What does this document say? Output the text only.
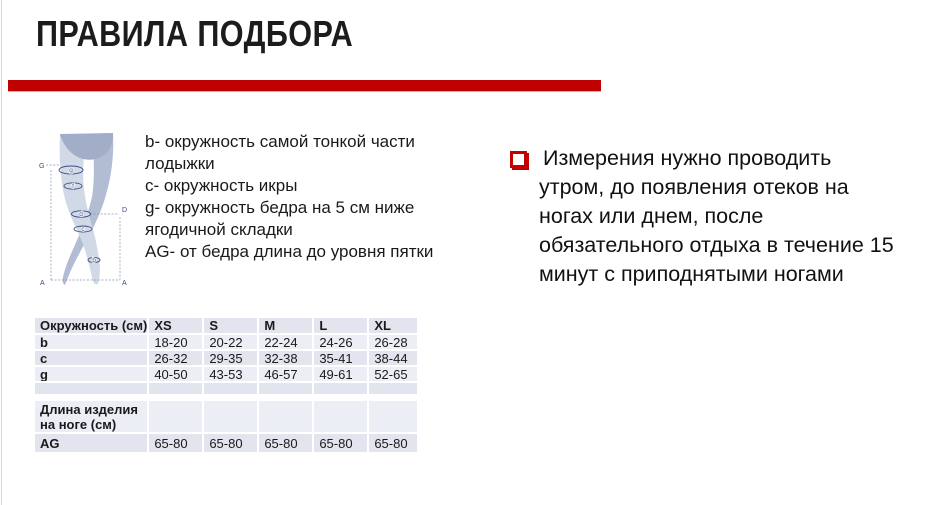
ПРАВИЛА ПОДБОРА
g
f
d
c
b
G
D
A	A
b- окружность самой тонкой части
лодыжки
c- окружность икры
g- окружность бедра на 5 см ниже
ягодичной складки
AG- от бедра длина до уровня пятки
Измерения нужно проводить
утром, до появления отеков на
ногах или днем, после
обязательного отдыха в течение 15
минут с приподнятыми ногами
Окружность (см)	XS	S	M	L	XL
b	18-20	20-22	22-24	24-26	26-28
c	26-32	29-35	32-38	35-41	38-44
g	40-50	43-53	46-57	49-61	52-65

Длина изделия на ноге (см)					
AG	65-80	65-80	65-80	65-80	65-80
